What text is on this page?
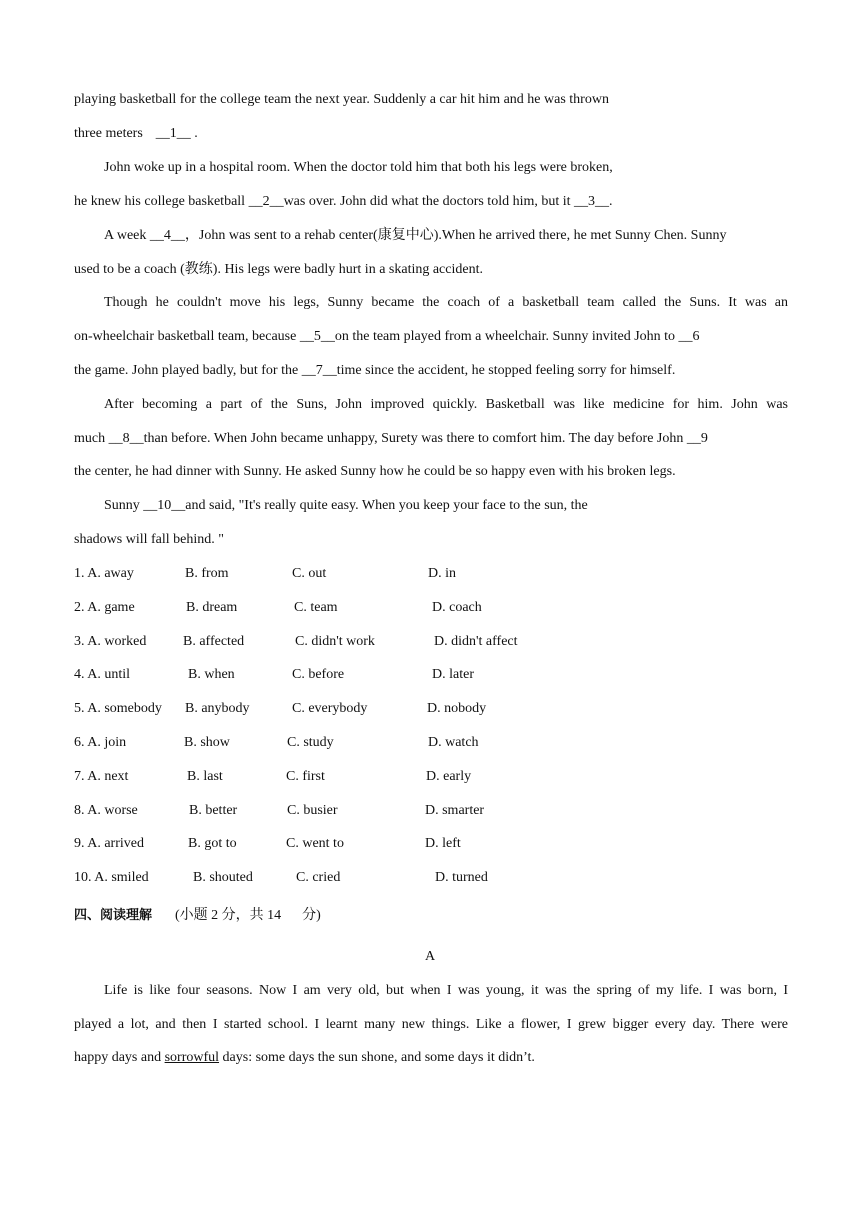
playing basketball for the college team the next year. Suddenly a car hit him and he was thrown
three meters __1__ .
John woke up in a hospital room. When the doctor told him that both his legs were broken,
he knew his college basketball __2__was over. John did what the doctors told him, but it __3__.
A week __4__，John was sent to a rehab center(康复中心).When he arrived there, he met Sunny Chen. Sunny
used to be a coach (教练). His legs were badly hurt in a skating accident.
Though he couldn't move his legs, Sunny became the coach of a basketball team called the Suns. It was an
on-wheelchair basketball team, because __5__on the team played from a wheelchair. Sunny invited John to __6
the game. John played badly, but for the __7__time since the accident, he stopped feeling sorry for himself.
After becoming a part of the Suns, John improved quickly. Basketball was like medicine for him. John was
much __8__than before. When John became unhappy, Surety was there to comfort him. The day before John __9
the center, he had dinner with Sunny. He asked Sunny how he could be so happy even with his broken legs.
Sunny __10__and said, "It's really quite easy. When you keep your face to the sun, the
shadows will fall behind. "
1. A. away	B. from	C. out	D. in
2. A. game	B. dream	C. team	D. coach
3. A. worked	B. affected	C. didn't work	D. didn't affect
4. A. until	B. when	C. before	D. later
5. A. somebody B. anybody	C. everybody	D. nobody
6. A. join	B. show	C. study	D. watch
7. A. next	B. last	C. first	D. early
8. A. worse	B. better	C. busier	D. smarter
9. A. arrived	B. got to	C. went to	D. left
10. A. smiled	B. shouted	C. cried	D. turned
四、阅读理解 (小题 2 分，共 14      分)
A
Life is like four seasons. Now I am very old, but when I was young, it was the spring of my life. I was born, I
played a lot, and then I started school. I learnt many new things. Like a flower, I grew bigger every day. There were
happy days and sorrowful days: some days the sun shone, and some days it didn’t.
